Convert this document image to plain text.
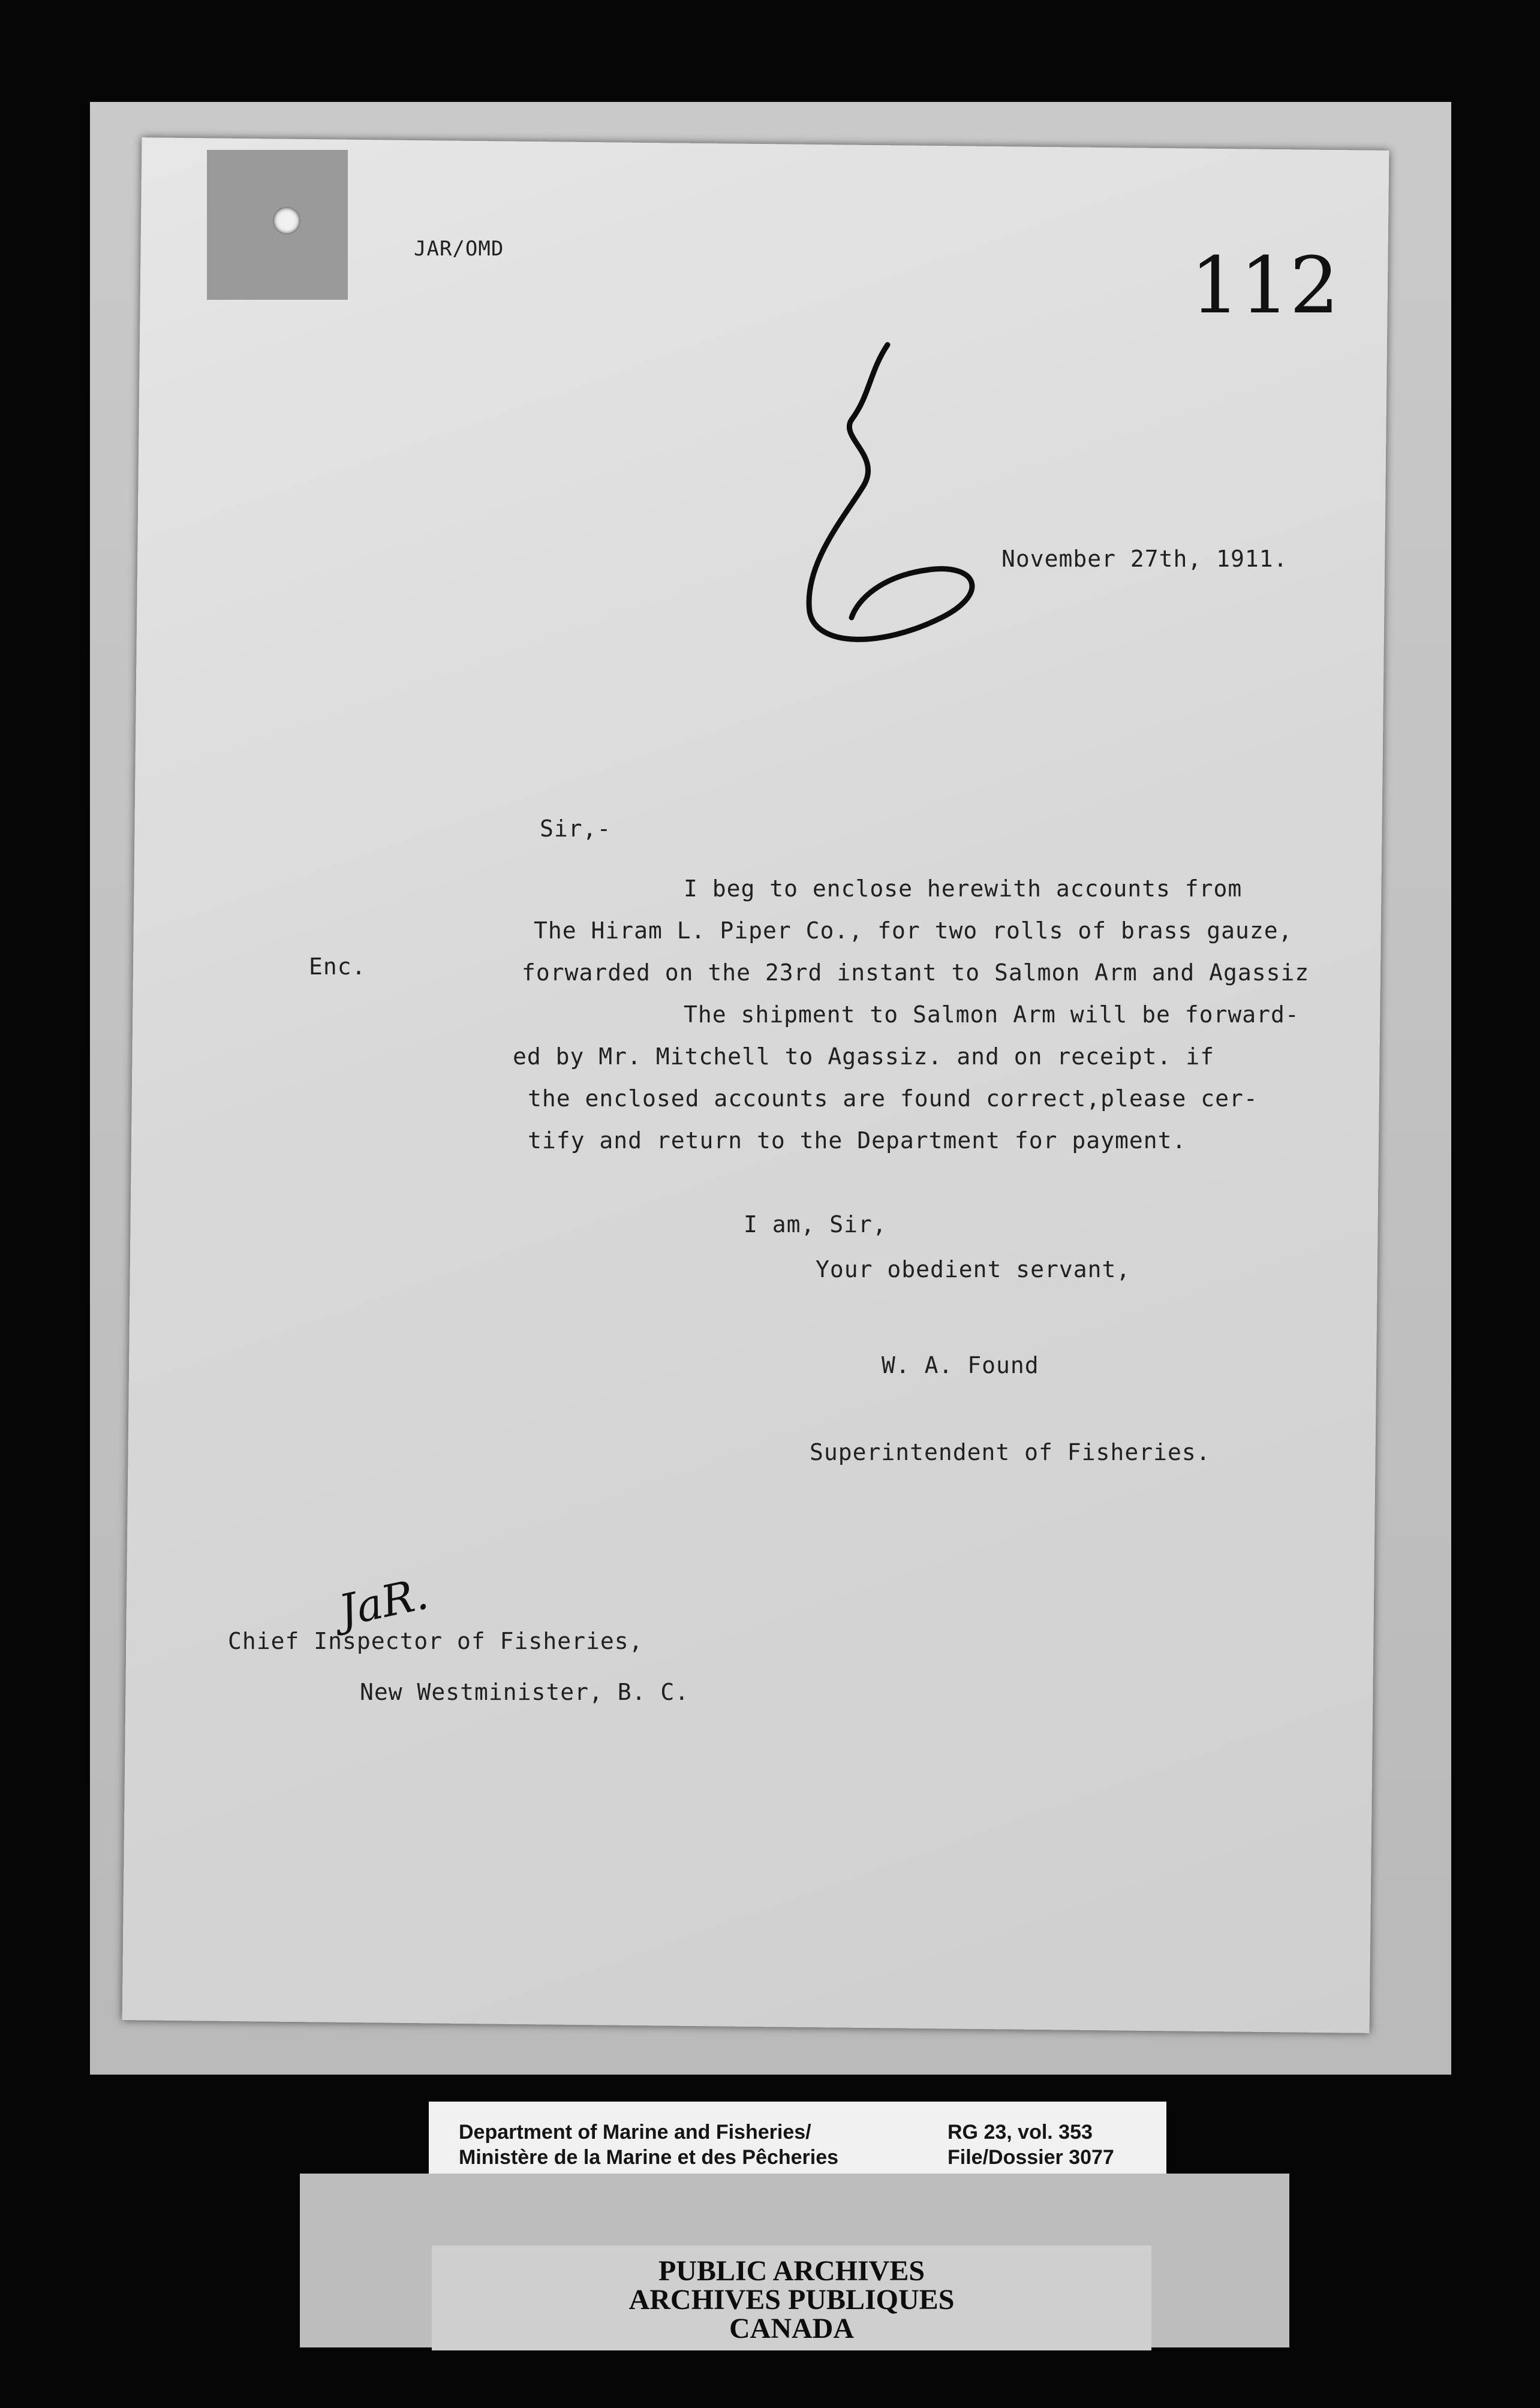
JAR/OMD	112
November 27th, 1911.
Sir,-
Enc.
I beg to enclose herewith accounts from
The Hiram L. Piper Co., for two rolls of brass gauze,
forwarded on the 23rd instant to Salmon Arm and Agassiz
The shipment to Salmon Arm will be forward-
ed by Mr. Mitchell to Agassiz. and on receipt. if
the enclosed accounts are found correct,please cer-
tify and return to the Department for payment.
I am, Sir,
Your obedient servant,
W. A. Found
Superintendent of Fisheries.
JaR.
Chief Inspector of Fisheries,
New Westminister, B. C.
Department of Marine and Fisheries/
Ministère de la Marine et des Pêcheries
RG 23, vol. 353
File/Dossier 3077
PUBLIC ARCHIVES
ARCHIVES PUBLIQUES
CANADA
